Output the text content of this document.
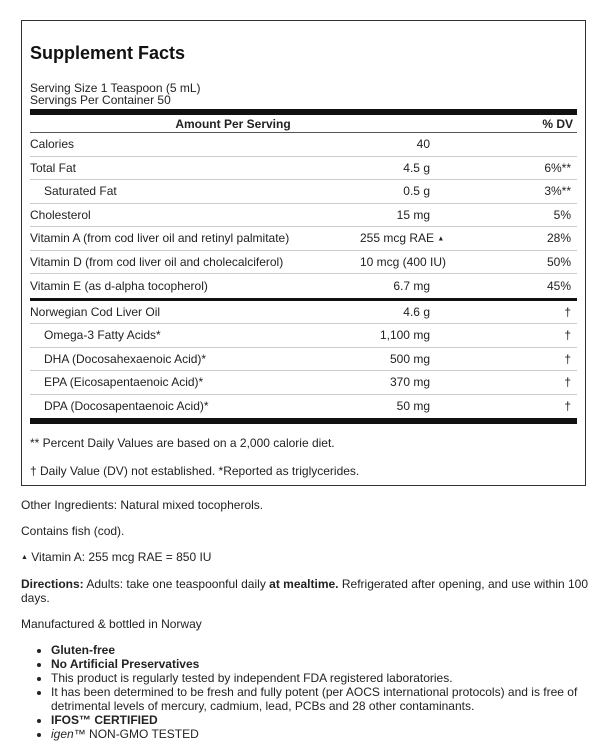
Supplement Facts
Serving Size 1 Teaspoon (5 mL)
Servings Per Container 50
Amount Per Serving	% DV
Calories	40
Total Fat	4.5 g	6%**
Saturated Fat	0.5 g	3%**
Cholesterol	15 mg	5%
Vitamin A (from cod liver oil and retinyl palmitate)	255 mcg RAE ▲	28%
Vitamin D (from cod liver oil and cholecalciferol)	10 mcg (400 IU)	50%
Vitamin E (as d-alpha tocopherol)	6.7 mg	45%
Norwegian Cod Liver Oil	4.6 g	†
Omega-3 Fatty Acids*	1,100 mg	†
DHA (Docosahexaenoic Acid)*	500 mg	†
EPA (Eicosapentaenoic Acid)*	370 mg	†
DPA (Docosapentaenoic Acid)*	50 mg	†
** Percent Daily Values are based on a 2,000 calorie diet.
† Daily Value (DV) not established. *Reported as triglycerides.

Other Ingredients: Natural mixed tocopherols.

Contains fish (cod).

▲ Vitamin A: 255 mcg RAE = 850 IU

Directions: Adults: take one teaspoonful daily at mealtime. Refrigerated after opening, and use within 100 days.

Manufactured & bottled in Norway

• Gluten-free
• No Artificial Preservatives
• This product is regularly tested by independent FDA registered laboratories.
• It has been determined to be fresh and fully potent (per AOCS international protocols) and is free of detrimental levels of mercury, cadmium, lead, PCBs and 28 other contaminants.
• IFOS™ CERTIFIED
• igen™ NON-GMO TESTED
